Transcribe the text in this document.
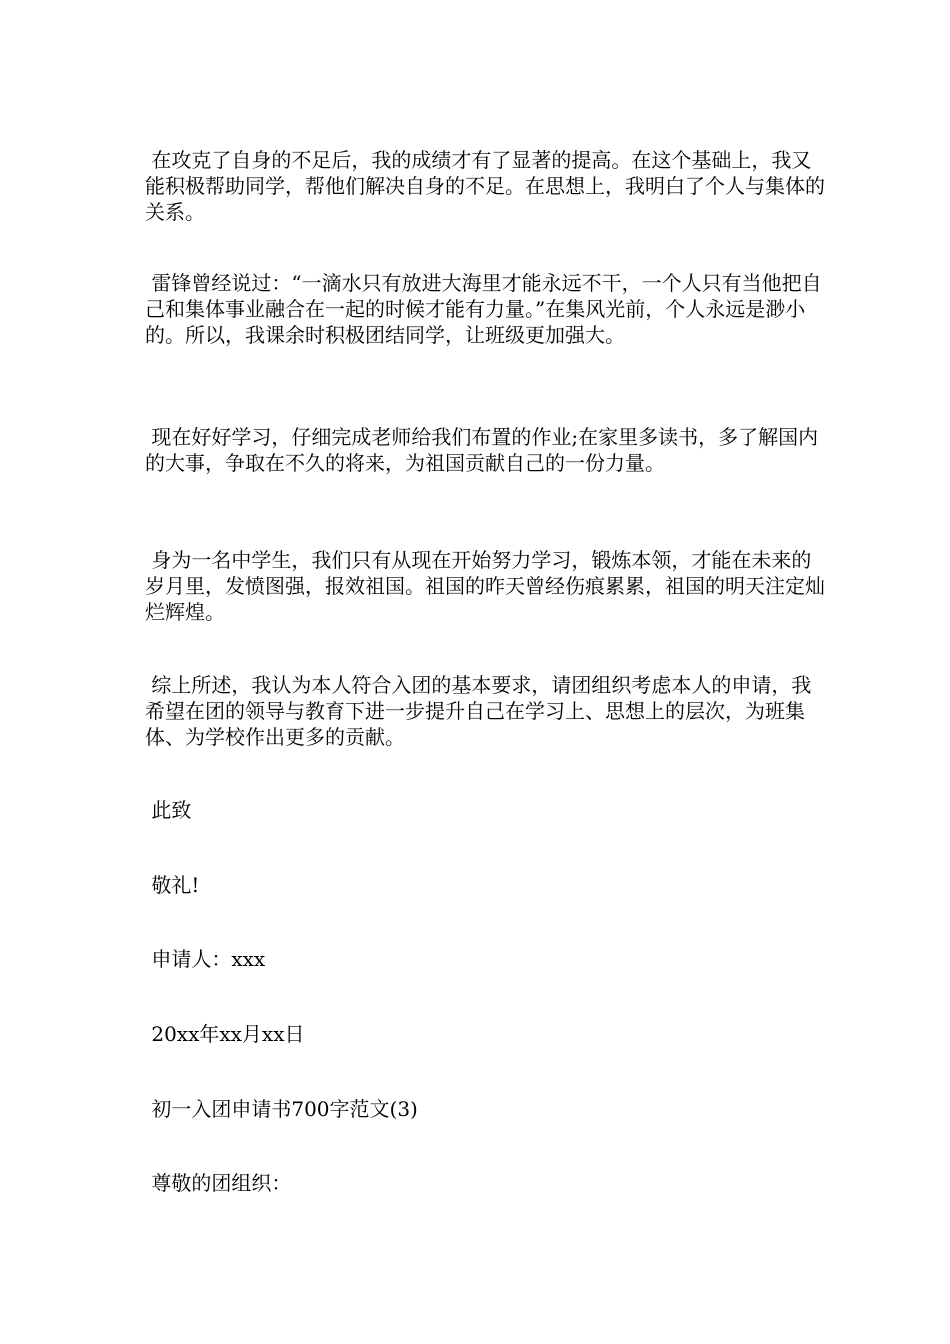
在攻克了自身的不足后，我的成绩才有了显著的提高。在这个基础上，我又能积极帮助同学，帮他们解决自身的不足。在思想上，我明白了个人与集体的关系。

雷锋曾经说过：“一滴水只有放进大海里才能永远不干，一个人只有当他把自己和集体事业融合在一起的时候才能有力量。”在集风光前，个人永远是渺小的。所以，我课余时积极团结同学，让班级更加强大。

现在好好学习，仔细完成老师给我们布置的作业;在家里多读书，多了解国内的大事，争取在不久的将来，为祖国贡献自己的一份力量。

身为一名中学生，我们只有从现在开始努力学习，锻炼本领，才能在未来的岁月里，发愤图强，报效祖国。祖国的昨天曾经伤痕累累，祖国的明天注定灿烂辉煌。

综上所述，我认为本人符合入团的基本要求，请团组织考虑本人的申请，我希望在团的领导与教育下进一步提升自己在学习上、思想上的层次，为班集体、为学校作出更多的贡献。

此致

敬礼!

申请人：xxx

20xx年xx月xx日

初一入团申请书700字范文(3)

尊敬的团组织：
